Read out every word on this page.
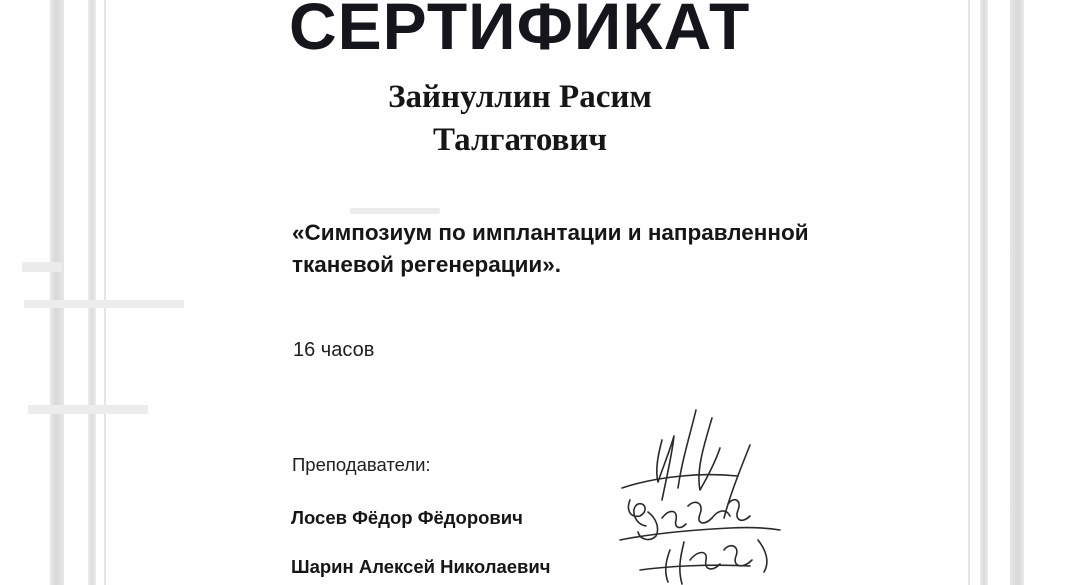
СЕРТИФИКАТ
Зайнуллин Расим
Талгатович
«Симпозиум по имплантации и направленной
тканевой регенерации».
16 часов
Преподаватели:
Лосев Фёдор Фёдорович
Шарин Алексей Николаевич
